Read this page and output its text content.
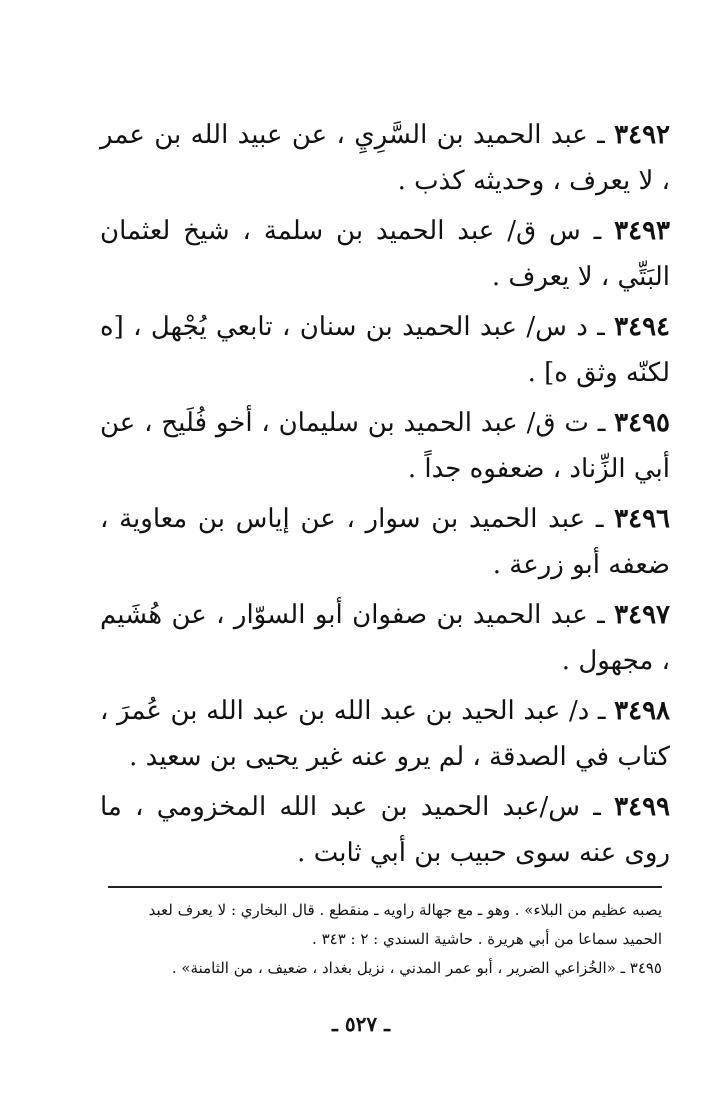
٣٤٩٢ ـ عبد الحميد بن السَّرِيِ ، عن عبيد الله بن عمر ، لا يعرف ، وحديثه كذب .

٣٤٩٣ ـ س ق/ عبد الحميد بن سلمة ، شيخ لعثمان البَتِّي ، لا يعرف .

٣٤٩٤ ـ د س/ عبد الحميد بن سنان ، تابعي يُجْهل ، [ه لكنّه وثق ه] .

٣٤٩٥ ـ ت ق/ عبد الحميد بن سليمان ، أخو فُلَيح ، عن أبي الزِّناد ، ضعفوه جداً .

٣٤٩٦ ـ عبد الحميد بن سوار ، عن إياس بن معاوية ، ضعفه أبو زرعة .

٣٤٩٧ ـ عبد الحميد بن صفوان أبو السوّار ، عن هُشَيم ، مجهول .

٣٤٩٨ ـ د/ عبد الحيد بن عبد الله بن عبد الله بن عُمرَ ، كتاب في الصدقة ، لم يرو عنه غير يحيى بن سعيد .

٣٤٩٩ ـ س/عبد الحميد بن عبد الله المخزومي ، ما روى عنه سوى حبيب بن أبي ثابت .

يصبه عظيم من البلاء» . وهو ـ مع جهالة راويه ـ منقطع . قال البخاري : لا يعرف لعبد
الحميد سماعا من أبي هريرة . حاشية السندي : ٢ : ٣٤٣ .
٣٤٩٥ ـ «الخُزاعي الضرير ، أبو عمر المدني ، نزيل بغداد ، ضعيف ، من الثامنة» .
ـ ٥٢٧ ـ
